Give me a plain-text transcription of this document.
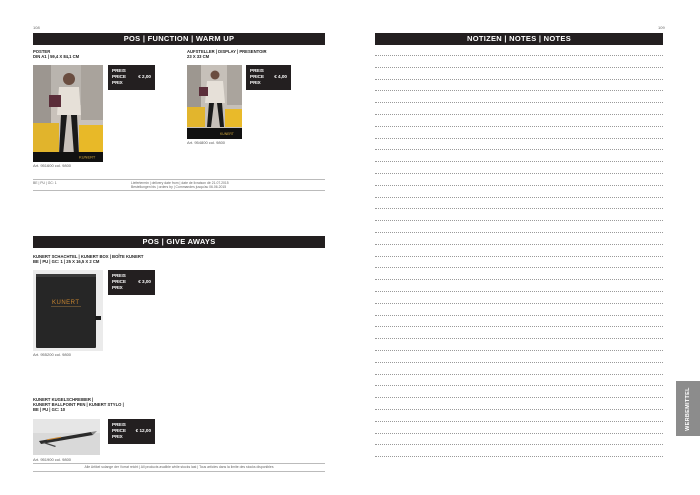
108	109
POS | FUNCTION | WARM UP
POSTER
DIN A1 | 59,4 X 84,1 CM
KUNERT
PREIS
PRICE	€ 2,00
PRIX
Art. 951600 col. 9800
AUFSTELLER | DISPLAY | PRESENTOIR
23 X 33 CM
KUNERT
PREIS
PRICE € 4,00
PRIX
Art. 954800 col. 9800
BE | PU | GC: 1	Liefertermin | delivery date from | date de livraison dè 21.07.2015
Bestellungen bis | orders by | Commandes jusqu'au 06.06.2015
POS | GIVE AWAYS
KUNERT SCHACHTEL | KUNERT BOX | BOÎTE KUNERT
BE | PU | GC: 1 | 25 X 16,5 X 2 CM
KUNERT
PREIS
PRICE	€ 3,00
PRIX
Art. 955200 col. 9800
KUNERT KUGELSCHREIBER |
KUNERT BALLPOINT PEN | KUNERT STYLO |
BE | PU | GC: 10
PREIS
PRICE € 12,00
PRIX
Art. 951900 col. 9800
Alle Artikel solange der Vorrat reicht | All products availble while stocks last | Tous articles dans la limite des stocks disponibles
NOTIZEN | NOTES | NOTES
WERBEMITTEL
